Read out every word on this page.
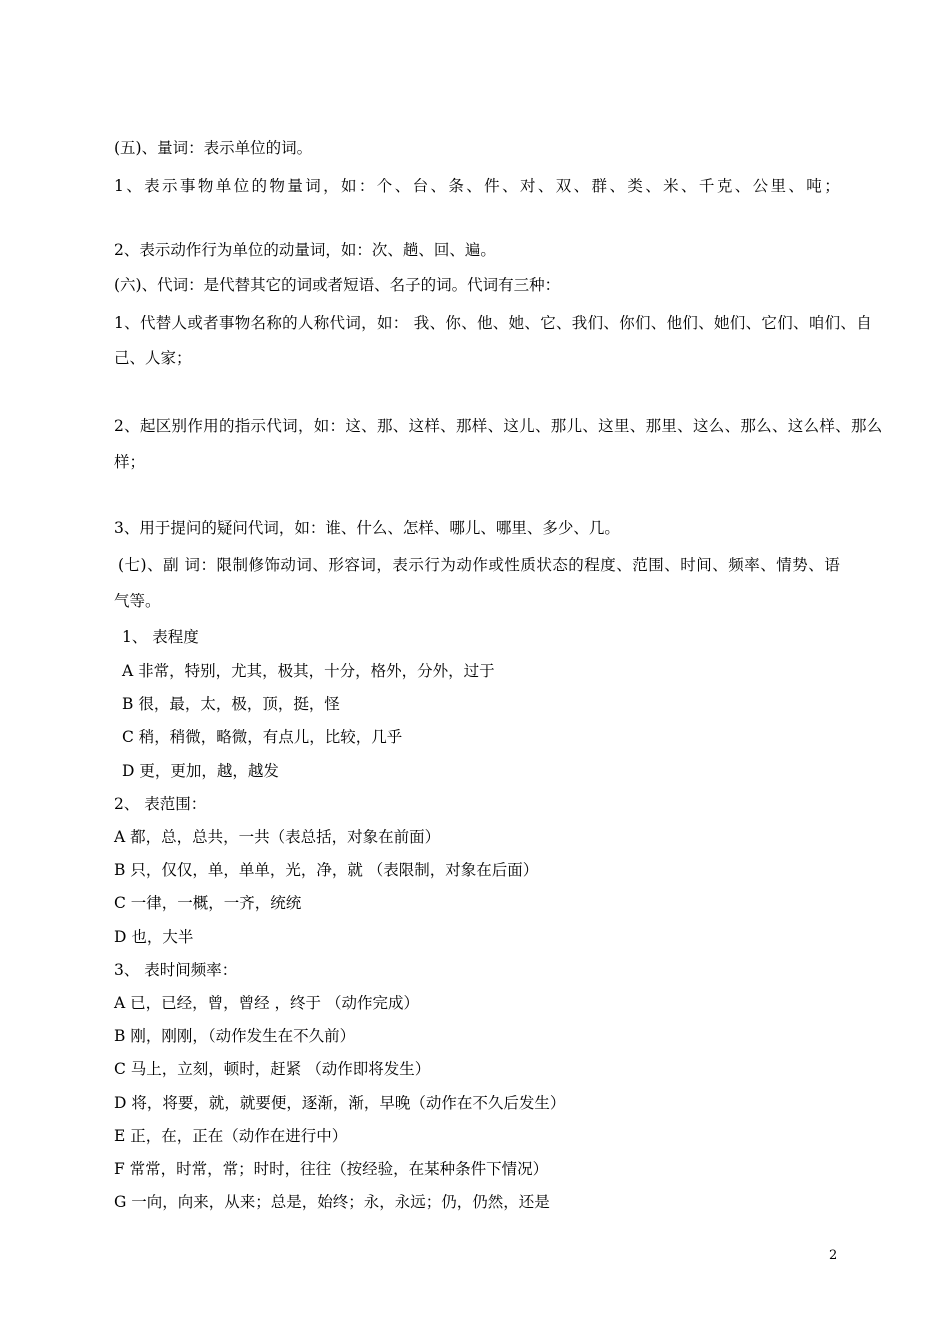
(五)、量词：表示单位的词。
1、表示事物单位的物量词，如：个、台、条、件、对、双、群、类、米、千克、公里、吨；
2、表示动作行为单位的动量词，如：次、趟、回、遍。
(六)、代词：是代替其它的词或者短语、名子的词。代词有三种：
1、代替人或者事物名称的人称代词，如： 我、你、他、她、它、我们、你们、他们、她们、它们、咱们、自
己、人家；
2、起区别作用的指示代词，如：这、那、这样、那样、这儿、那儿、这里、那里、这么、那么、这么样、那么
样；
3、用于提问的疑问代词，如：谁、什么、怎样、哪儿、哪里、多少、几。
(七)、副 词：限制修饰动词、形容词，表示行为动作或性质状态的程度、范围、时间、频率、情势、语
气等。
1、 表程度
A 非常，特别，尤其，极其，十分，格外，分外，过于
B 很，最，太，极，顶，挺，怪
C 稍，稍微，略微，有点儿，比较，几乎
D 更，更加，越，越发
2、 表范围：
A 都，总，总共，一共（表总括，对象在前面）
B 只，仅仅，单，单单，光，净，就 （表限制，对象在后面）
C 一律，一概，一齐，统统
D 也，大半
3、 表时间频率：
A 已，已经，曾，曾经 ，终于 （动作完成）
B 刚，刚刚，（动作发生在不久前）
C 马上，立刻，顿时，赶紧 （动作即将发生）
D 将，将要，就，就要便，逐渐，渐，早晚（动作在不久后发生）
E 正，在，正在（动作在进行中）
F 常常，时常，常；时时，往往（按经验，在某种条件下情况）
G 一向，向来，从来；总是，始终；永，永远；仍，仍然，还是
2
